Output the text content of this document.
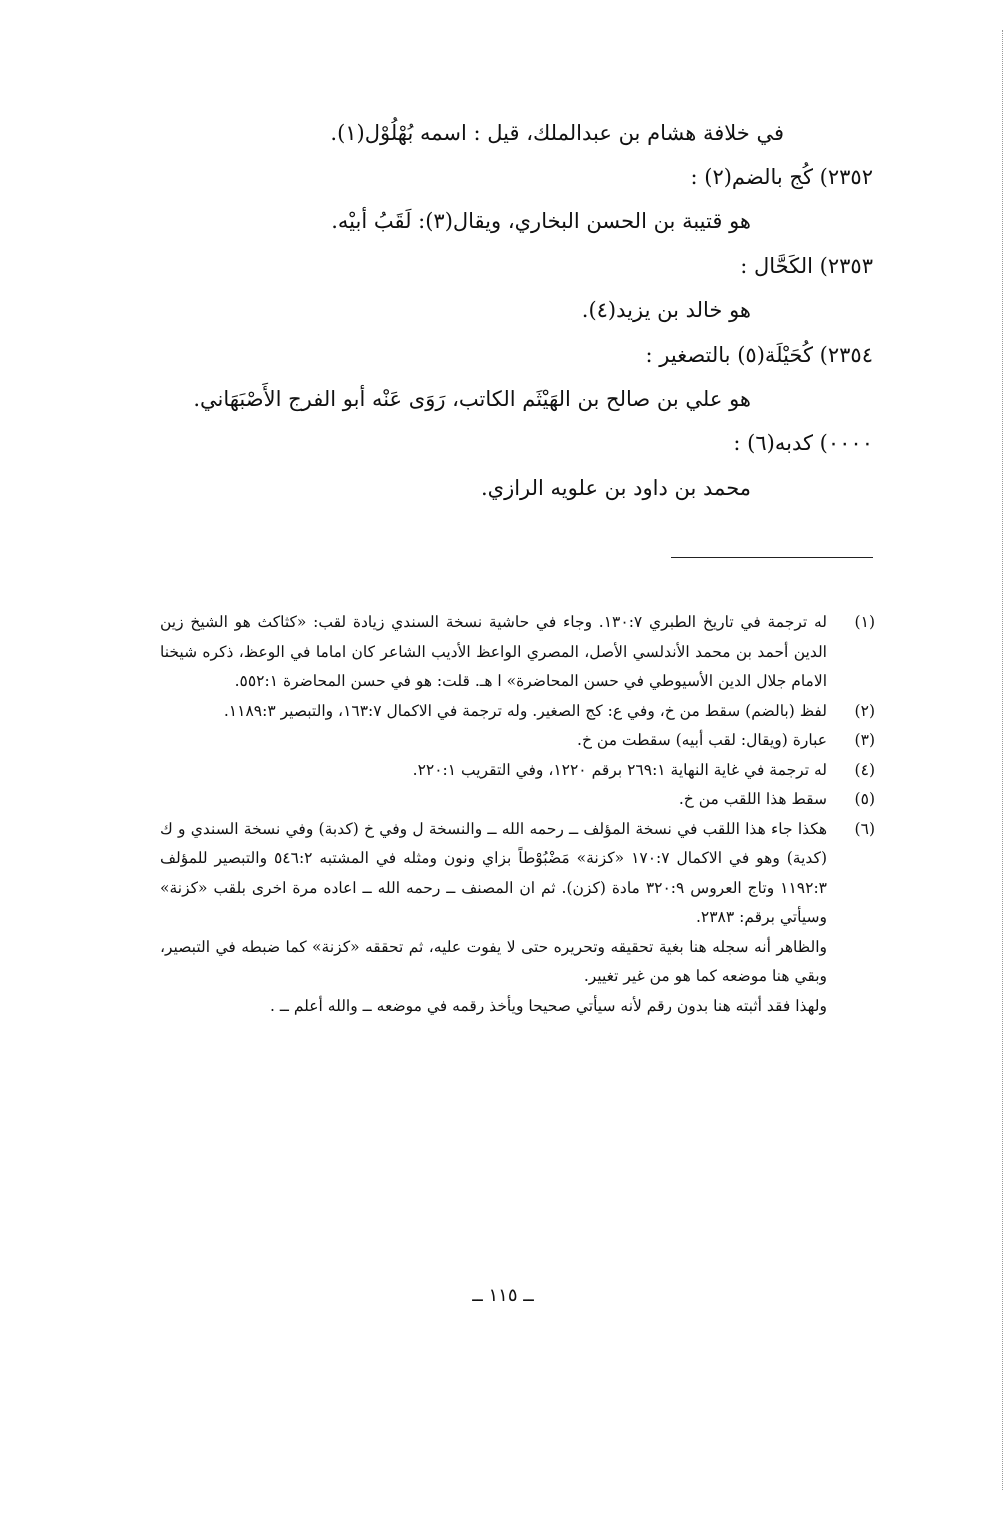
في خلافة هشام بن عبدالملك، قيل : اسمه بُهْلُوْل(١).
٢٣٥٢) كُج بالضم(٢) :
هو قتيبة بن الحسن البخاري، ويقال(٣): لَقَبُ أبيْه.
٢٣٥٣) الكَحَّال :
هو خالد بن يزيد(٤).
٢٣٥٤) كُحَيْلَة(٥) بالتصغير :
هو علي بن صالح بن الهَيْثَم الكاتب، رَوَى عَنْه أبو الفرج الأَصْبَهَاني.
٠٠٠٠) كدبه(٦) :
محمد بن داود بن علويه الرازي.
(١)
له ترجمة في تاريخ الطبري ١٣٠:٧. وجاء في حاشية نسخة السندي زيادة لقب: «كثاكث هو الشيخ زين الدين أحمد بن محمد الأندلسي الأصل، المصري الواعظ الأديب الشاعر كان اماما في الوعظ، ذكره شيخنا الامام جلال الدين الأسيوطي في حسن المحاضرة» ا هـ. قلت: هو في حسن المحاضرة ٥٥٢:١.
(٢)
لفظ (بالضم) سقط من خ، وفي ع: كج الصغير. وله ترجمة في الاكمال ١٦٣:٧، والتبصير ١١٨٩:٣.
(٣)
عبارة (ويقال: لقب أبيه) سقطت من خ.
(٤)
له ترجمة في غاية النهاية ٢٦٩:١ برقم ١٢٢٠، وفي التقريب ٢٢٠:١.
(٥)
سقط هذا اللقب من خ.
(٦)
هكذا جاء هذا اللقب في نسخة المؤلف ــ رحمه الله ــ والنسخة ل وفي خ (كدبة) وفي نسخة السندي و ك (كدية) وهو في الاكمال ١٧٠:٧ «كزنة» مَضْبُوْطاً بزاي ونون ومثله في المشتبه ٥٤٦:٢ والتبصير للمؤلف ١١٩٢:٣ وتاج العروس ٣٢٠:٩ مادة (كزن). ثم ان المصنف ــ رحمه الله ــ اعاده مرة اخرى بلقب «كزنة» وسيأتي برقم: ٢٣٨٣.
والظاهر أنه سجله هنا بغية تحقيقه وتحريره حتى لا يفوت عليه، ثم تحققه «كزنة» كما ضبطه في التبصير، وبقي هنا موضعه كما هو من غير تغيير.
ولهذا فقد أثبته هنا بدون رقم لأنه سيأتي صحيحا ويأخذ رقمه في موضعه ــ والله أعلم ــ .
ــ ١١٥ ــ
